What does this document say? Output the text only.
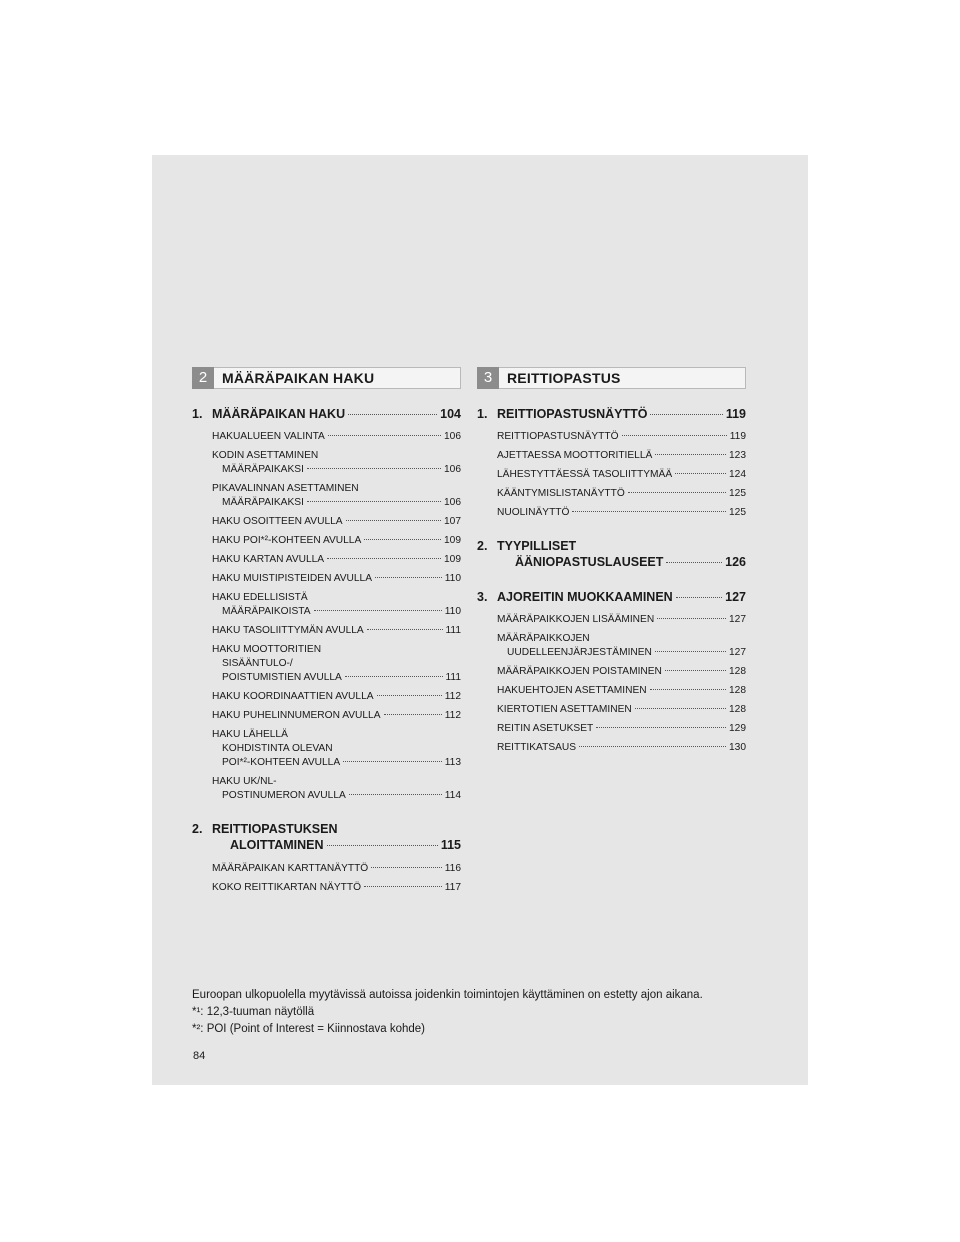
2	MÄÄRÄPAIKAN HAKU
1. MÄÄRÄPAIKAN HAKU	104
HAKUALUEEN VALINTA	106
KODIN ASETTAMINEN
MÄÄRÄPAIKAKSI	106
PIKAVALINNAN ASETTAMINEN
MÄÄRÄPAIKAKSI	106
HAKU OSOITTEEN AVULLA	107
HAKU POI*²-KOHTEEN AVULLA	109
HAKU KARTAN AVULLA	109
HAKU MUISTIPISTEIDEN AVULLA	110
HAKU EDELLISISTÄ
MÄÄRÄPAIKOISTA	110
HAKU TASOLIITTYMÄN AVULLA	111
HAKU MOOTTORITIEN
SISÄÄNTULO-/
POISTUMISTIEN AVULLA	111
HAKU KOORDINAATTIEN AVULLA	112
HAKU PUHELINNUMERON AVULLA	112
HAKU LÄHELLÄ
KOHDISTINTA OLEVAN
POI*²-KOHTEEN AVULLA	113
HAKU UK/NL-
POSTINUMERON AVULLA	114
2. REITTIOPASTUKSEN
ALOITTAMINEN	115
MÄÄRÄPAIKAN KARTTANÄYTTÖ	116
KOKO REITTIKARTAN NÄYTTÖ	117
3	REITTIOPASTUS
1. REITTIOPASTUSNÄYTTÖ	119
REITTIOPASTUSNÄYTTÖ	119
AJETTAESSA MOOTTORITIELLÄ	123
LÄHESTYTTÄESSÄ TASOLIITTYMÄÄ	124
KÄÄNTYMISLISTANÄYTTÖ	125
NUOLINÄYTTÖ	125
2. TYYPILLISET
ÄÄNIOPASTUSLAUSEET	126
3. AJOREITIN MUOKKAAMINEN	127
MÄÄRÄPAIKKOJEN LISÄÄMINEN	127
MÄÄRÄPAIKKOJEN
UUDELLEENJÄRJESTÄMINEN	127
MÄÄRÄPAIKKOJEN POISTAMINEN	128
HAKUEHTOJEN ASETTAMINEN	128
KIERTOTIEN ASETTAMINEN	128
REITIN ASETUKSET	129
REITTIKATSAUS	130
Euroopan ulkopuolella myytävissä autoissa joidenkin toimintojen käyttäminen on estetty ajon aikana.
*¹: 12,3-tuuman näytöllä
*²: POI (Point of Interest = Kiinnostava kohde)
84
